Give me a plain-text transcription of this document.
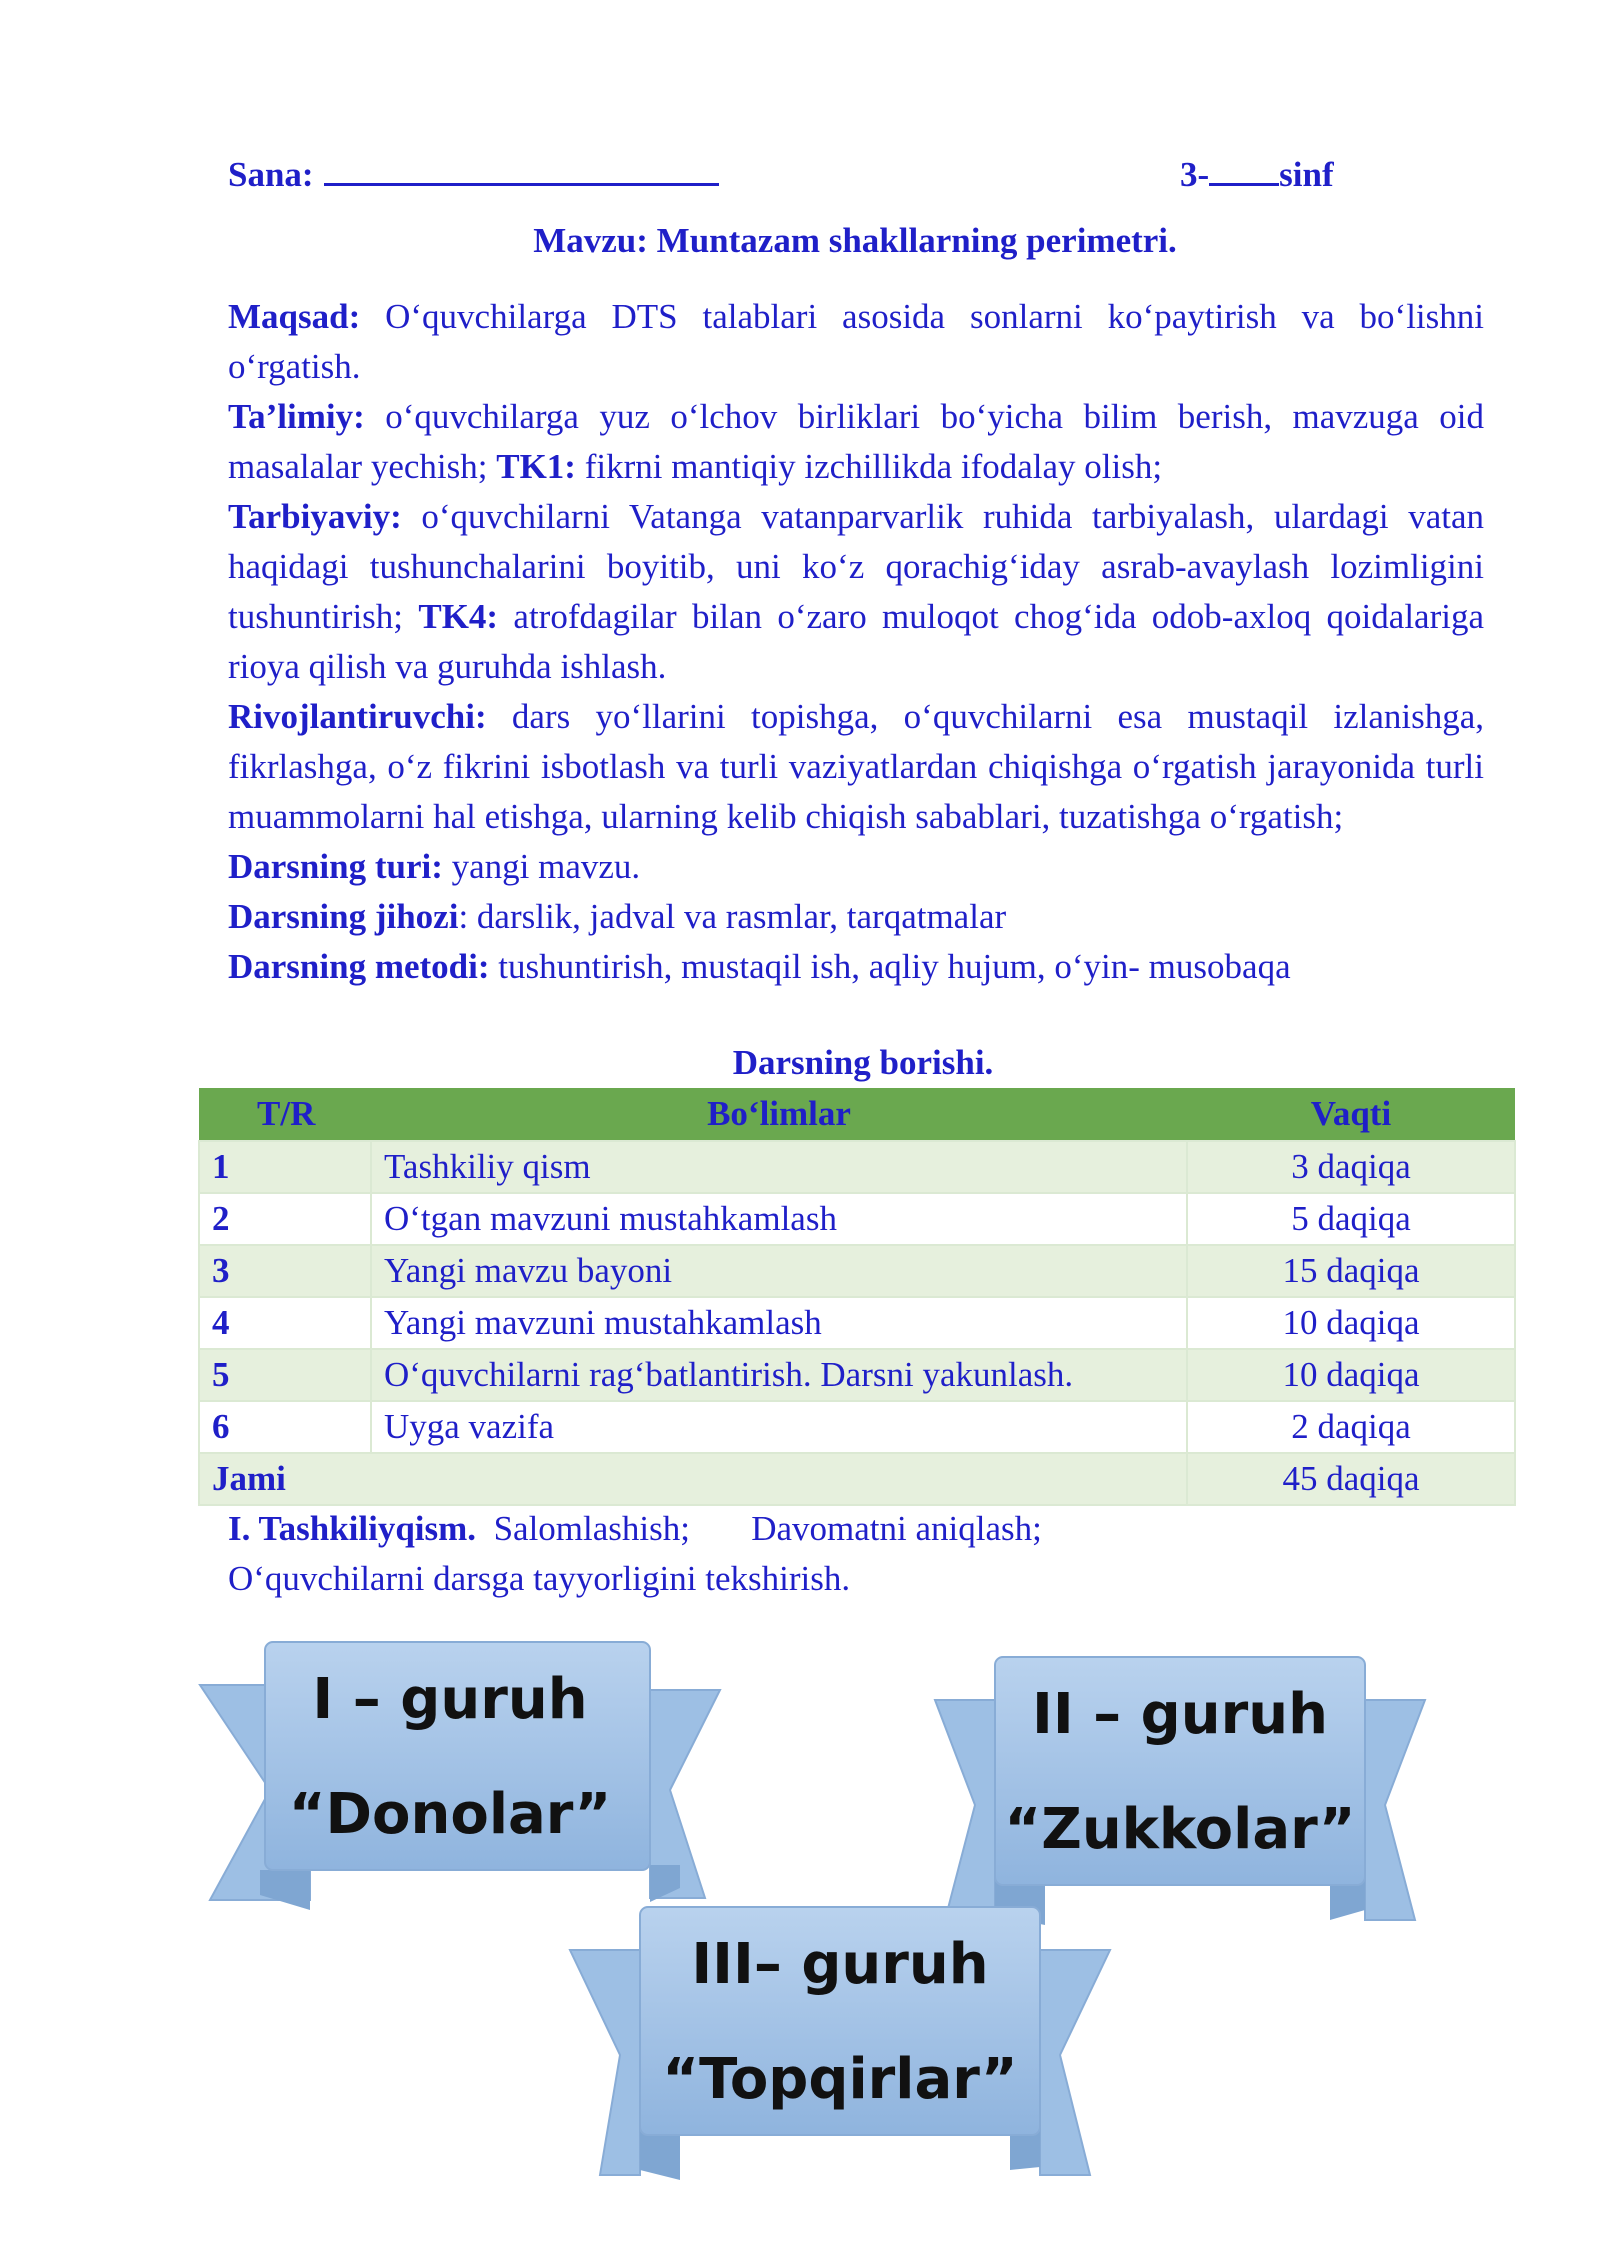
Sana:	3- sinf
Mavzu: Muntazam shakllarning perimetri.

Maqsad: O‘quvchilarga DTS talablari asosida sonlarni ko‘paytirish va bo‘lishni o‘rgatish.

Ta’limiy: o‘quvchilarga yuz o‘lchov birliklari bo‘yicha bilim berish, mavzuga oid masalalar yechish; TK1: fikrni mantiqiy izchillikda ifodalay olish;

Tarbiyaviy: o‘quvchilarni Vatanga vatanparvarlik ruhida tarbiyalash, ulardagi vatan haqidagi tushunchalarini boyitib, uni ko‘z qorachig‘iday asrab-avaylash lozimligini tushuntirish; TK4: atrofdagilar bilan o‘zaro muloqot chog‘ida odob-axloq qoidalariga rioya qilish va guruhda ishlash.

Rivojlantiruvchi: dars yo‘llarini topishga, o‘quvchilarni esa mustaqil izlanishga, fikrlashga, o‘z fikrini isbotlash va turli vaziyatlardan chiqishga o‘rgatish jarayonida turli muammolarni hal etishga, ularning kelib chiqish sabablari, tuzatishga o‘rgatish;

Darsning turi: yangi mavzu.

Darsning jihozi: darslik, jadval va rasmlar, tarqatmalar

Darsning metodi: tushuntirish, mustaqil ish, aqliy hujum, o‘yin- musobaqa

Darsning borishi.
T/R	Bo‘limlar	Vaqti
1	Tashkiliy qism	3 daqiqa
2	O‘tgan mavzuni mustahkamlash	5 daqiqa
3	Yangi mavzu bayoni	15 daqiqa
4	Yangi mavzuni mustahkamlash	10 daqiqa
5	O‘quvchilarni rag‘batlantirish. Darsni yakunlash.	10 daqiqa
6	Uyga vazifa	2 daqiqa
Jami		45 daqiqa

I. Tashkiliyqism.  Salomlashish;       Davomatni aniqlash;

O‘quvchilarni darsga tayyorligini tekshirish.

I – guruh
“Donolar”
II – guruh
“Zukkolar”
III– guruh
“Topqirlar”
